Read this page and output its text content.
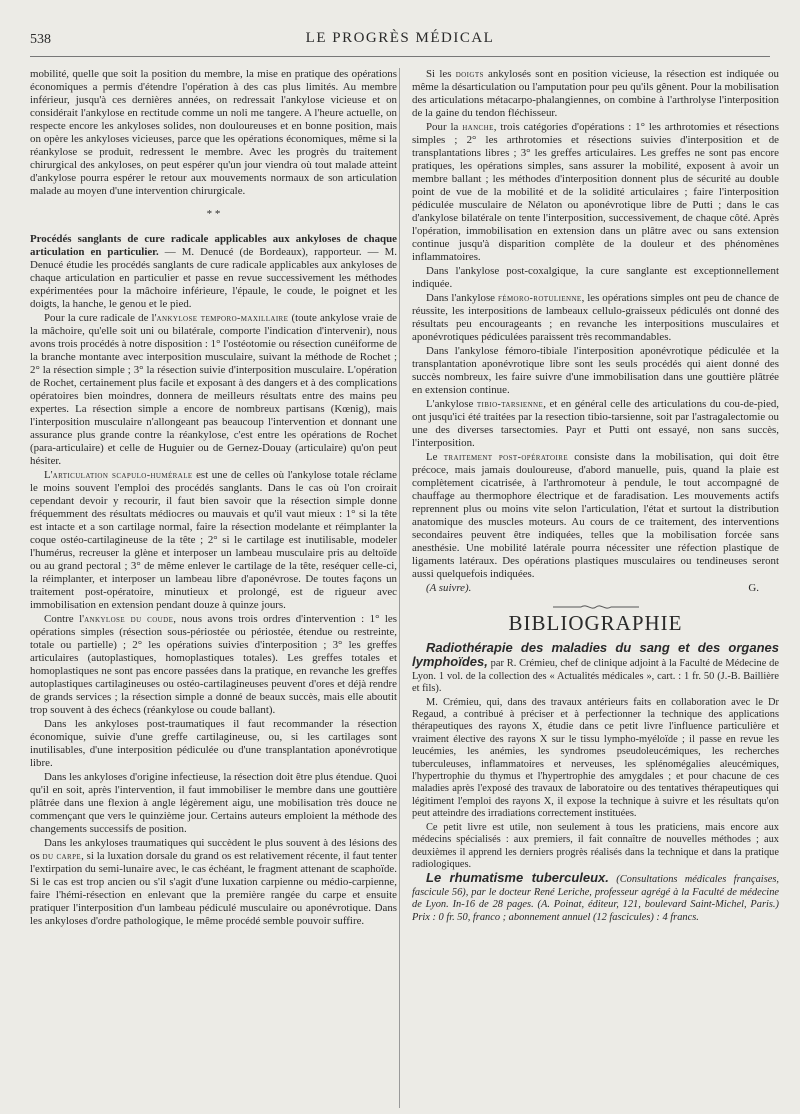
538	LE PROGRÈS MÉDICAL

mobilité, quelle que soit la position du membre, la mise en pratique des opérations économiques a permis d'étendre l'opération à des cas plus limités. Au membre inférieur, jusqu'à ces dernières années, on redressait l'ankylose vicieuse et on considérait l'ankylose en rectitude comme un noli me tangere. A l'heure actuelle, on respecte encore les ankyloses solides, non douloureuses et en bonne position, mais on opère les ankyloses vicieuses, parce que les opérations économiques, même si la réankylose se produit, redressent le membre. Avec les progrès du traitement chirurgical des ankyloses, on peut espérer qu'un jour viendra où tout malade atteint d'ankylose pourra espérer le retour aux mouvements normaux de son articulation malade au moyen d'une intervention chirurgicale.

* *

Procédés sanglants de cure radicale applicables aux ankyloses de chaque articulation en particulier. — M. Denucé (de Bordeaux), rapporteur. — M. Denucé étudie les procédés sanglants de cure radicale applicables aux ankyloses de chaque articulation en particulier et passe en revue successivement les méthodes expérimentées pour la mâchoire inférieure, l'épaule, le coude, le poignet et les doigts, la hanche, le genou et le pied.

Pour la cure radicale de l'ankylose temporo-maxillaire (toute ankylose vraie de la mâchoire, qu'elle soit uni ou bilatérale, comporte l'indication d'intervenir), nous avons trois procédés à notre disposition : 1° l'ostéotomie ou résection cunéiforme de la branche montante avec interposition musculaire, suivant la méthode de Rochet ; 2° la résection simple ; 3° la résection suivie d'interposition musculaire. L'opération de Rochet, certainement plus facile et exposant à des dangers et à des complications opératoires bien moindres, donnera de meilleurs résultats entre des mains peu expertes. La résection simple a encore de nombreux partisans (Kœnig), mais l'interposition musculaire n'allongeant pas beaucoup l'intervention et donnant une assurance plus grande contre la réankylose, c'est entre les opérations de Rochet (para-articulaire) et celle de Huguier ou de Gernez-Douay (articulaire) qu'on peut hésiter.

L'articulation scapulo-humérale est une de celles où l'ankylose totale réclame le moins souvent l'emploi des procédés sanglants. Dans le cas où l'on croirait cependant devoir y recourir, il faut bien savoir que la résection simple donne fréquemment des résultats médiocres ou mauvais et qu'il vaut mieux : 1° si la tête est intacte et a son cartilage normal, faire la résection modelante et réimplanter la coque ostéo-cartilagineuse de la tête ; 2° si le cartilage est inutilisable, modeler l'humérus, recreuser la glène et interposer un lambeau musculaire pris au deltoïde ou au grand pectoral ; 3° de même enlever le cartilage de la tête, reséquer celle-ci, la réimplanter, et interposer un lambeau libre d'aponévrose. De toutes façons un traitement post-opératoire, minutieux et prolongé, est de rigueur avec immobilisation en extension pendant douze à quinze jours.

Contre l'ankylose du coude, nous avons trois ordres d'intervention : 1° les opérations simples (résection sous-périostée ou périostée, étendue ou restreinte, totale ou partielle) ; 2° les opérations suivies d'interposition ; 3° les greffes articulaires (autoplastiques, homoplastiques totales). Les greffes totales et homoplastiques ne sont pas encore passées dans la pratique, en revanche les greffes autoplastiques cartilagineuses ou ostéo-cartilagineuses peuvent d'ores et déjà rendre de grands services ; la résection simple a donné de beaux succès, mais elle aboutit trop souvent à des échecs (réankylose ou coude ballant).

Dans les ankyloses post-traumatiques il faut recommander la résection économique, suivie d'une greffe cartilagineuse, ou, si les cartilages sont inutilisables, d'une interposition pédiculée ou d'une transplantation aponévrotique libre.

Dans les ankyloses d'origine infectieuse, la résection doit être plus étendue. Quoi qu'il en soit, après l'intervention, il faut immobiliser le membre dans une gouttière plâtrée dans une flexion à angle légèrement aigu, une mobilisation très douce ne commençant que vers le quinzième jour. Certains auteurs emploient la méthode des changements successifs de position.

Dans les ankyloses traumatiques qui succèdent le plus souvent à des lésions des os du carpe, si la luxation dorsale du grand os est relativement récente, il faut tenter l'extirpation du semi-lunaire avec, le cas échéant, le fragment attenant de scaphoïde. Si le cas est trop ancien ou s'il s'agit d'une luxation carpienne ou médio-carpienne, faire l'hémi-résection en enlevant que la première rangée du carpe et ensuite pratiquer l'interposition d'un lambeau pédiculé musculaire ou aponévrotique. Dans les ankyloses d'ordre pathologique, le même procédé semble pouvoir suffire.

Si les doigts ankylosés sont en position vicieuse, la résection est indiquée ou même la désarticulation ou l'amputation pour peu qu'ils gênent. Pour la mobilisation des articulations métacarpo-phalangiennes, on combine à l'arthrolyse l'interposition de la gaine du tendon fléchisseur.

Pour la hanche, trois catégories d'opérations : 1° les arthrotomies et résections simples ; 2° les arthrotomies et résections suivies d'interposition et de transplantations libres ; 3° les greffes articulaires. Les greffes ne sont pas encore pratiques, les opérations simples, sans assurer la mobilité, exposent à avoir un membre ballant ; les méthodes d'interposition donnent plus de sécurité au double point de vue de la mobilité et de la solidité articulaires ; faire l'interposition pédiculée musculaire de Nélaton ou aponévrotique libre de Putti ; dans le cas d'ankylose bilatérale on tente l'interposition, successivement, de chaque côté. Après l'opération, immobilisation en extension dans un plâtre avec ou sans extension continue jusqu'à disparition complète de la douleur et des phénomènes inflammatoires.

Dans l'ankylose post-coxalgique, la cure sanglante est exceptionnellement indiquée.

Dans l'ankylose fémoro-rotulienne, les opérations simples ont peu de chance de réussite, les interpositions de lambeaux cellulo-graisseux pédiculés ont donné des résultats peu encourageants ; en revanche les interpositions musculaires et aponévrotiques pédiculées paraissent très recommandables.

Dans l'ankylose fémoro-tibiale l'interposition aponévrotique pédiculée et la transplantation aponévrotique libre sont les seuls procédés qui aient donné des succès nombreux, les faire suivre d'une immobilisation dans une gouttière plâtrée en extension continue.

L'ankylose tibio-tarsienne, et en général celle des articulations du cou-de-pied, ont jusqu'ici été traitées par la resection tibio-tarsienne, soit par l'astragalectomie ou une des diverses tarsectomies. Payr et Putti ont essayé, non sans succès, l'interposition.

Le traitement post-opératoire consiste dans la mobilisation, qui doit être précoce, mais jamais douloureuse, d'abord manuelle, puis, quand la plaie est complètement cicatrisée, à l'arthromoteur à pendule, le tout accompagné de chauffage au thermophore électrique et de faradisation. Les mouvements actifs reprennent plus ou moins vite selon l'articulation, l'état et surtout la distribution anatomique des muscles moteurs. Au cours de ce traitement, des interventions secondaires peuvent être indiquées, telles que la mobilisation forcée sans anesthésie. Une mobilité latérale pourra nécessiter une réfection plastique de ligaments latéraux. Des opérations plastiques musculaires ou tendineuses seront aussi quelquefois indiquées.

(A suivre).	G.
BIBLIOGRAPHIE

Radiothérapie des maladies du sang et des organes lymphoïdes, par R. Crémieu, chef de clinique adjoint à la Faculté de Médecine de Lyon. 1 vol. de la collection des « Actualités médicales », cart. : 1 fr. 50 (J.-B. Baillière et fils).

M. Crémieu, qui, dans des travaux antérieurs faits en collaboration avec le Dr Regaud, a contribué à préciser et à perfectionner la technique des applications thérapeutiques des rayons X, étudie dans ce petit livre l'influence particulière et vraiment élective des rayons X sur le tissu lympho-myéloïde ; il passe en revue les leucémies, les anémies, les syndromes pseudoleucémiques, les recherches tuberculeuses, inflammatoires et nerveuses, les splénomégalies aleucémiques, l'hypertrophie du thymus et l'hypertrophie des amygdales ; et pour chacune de ces maladies après l'exposé des travaux de laboratoire ou des tentatives thérapeutiques qui légitiment l'emploi des rayons X, il expose la technique à suivre et les résultats qu'on peut atteindre des irradiations correctement instituées.

Ce petit livre est utile, non seulement à tous les praticiens, mais encore aux médecins spécialisés : aux premiers, il fait connaître de nouvelles méthodes ; aux deuxièmes il apprend les derniers progrès réalisés dans la technique et dans la pratique radiologiques.

Le rhumatisme tuberculeux. (Consultations médicales françaises, fascicule 56), par le docteur René Leriche, professeur agrégé à la Faculté de médecine de Lyon. In-16 de 28 pages. (A. Poinat, éditeur, 121, boulevard Saint-Michel, Paris.) Prix : 0 fr. 50, franco ; abonnement annuel (12 fascicules) : 4 francs.
